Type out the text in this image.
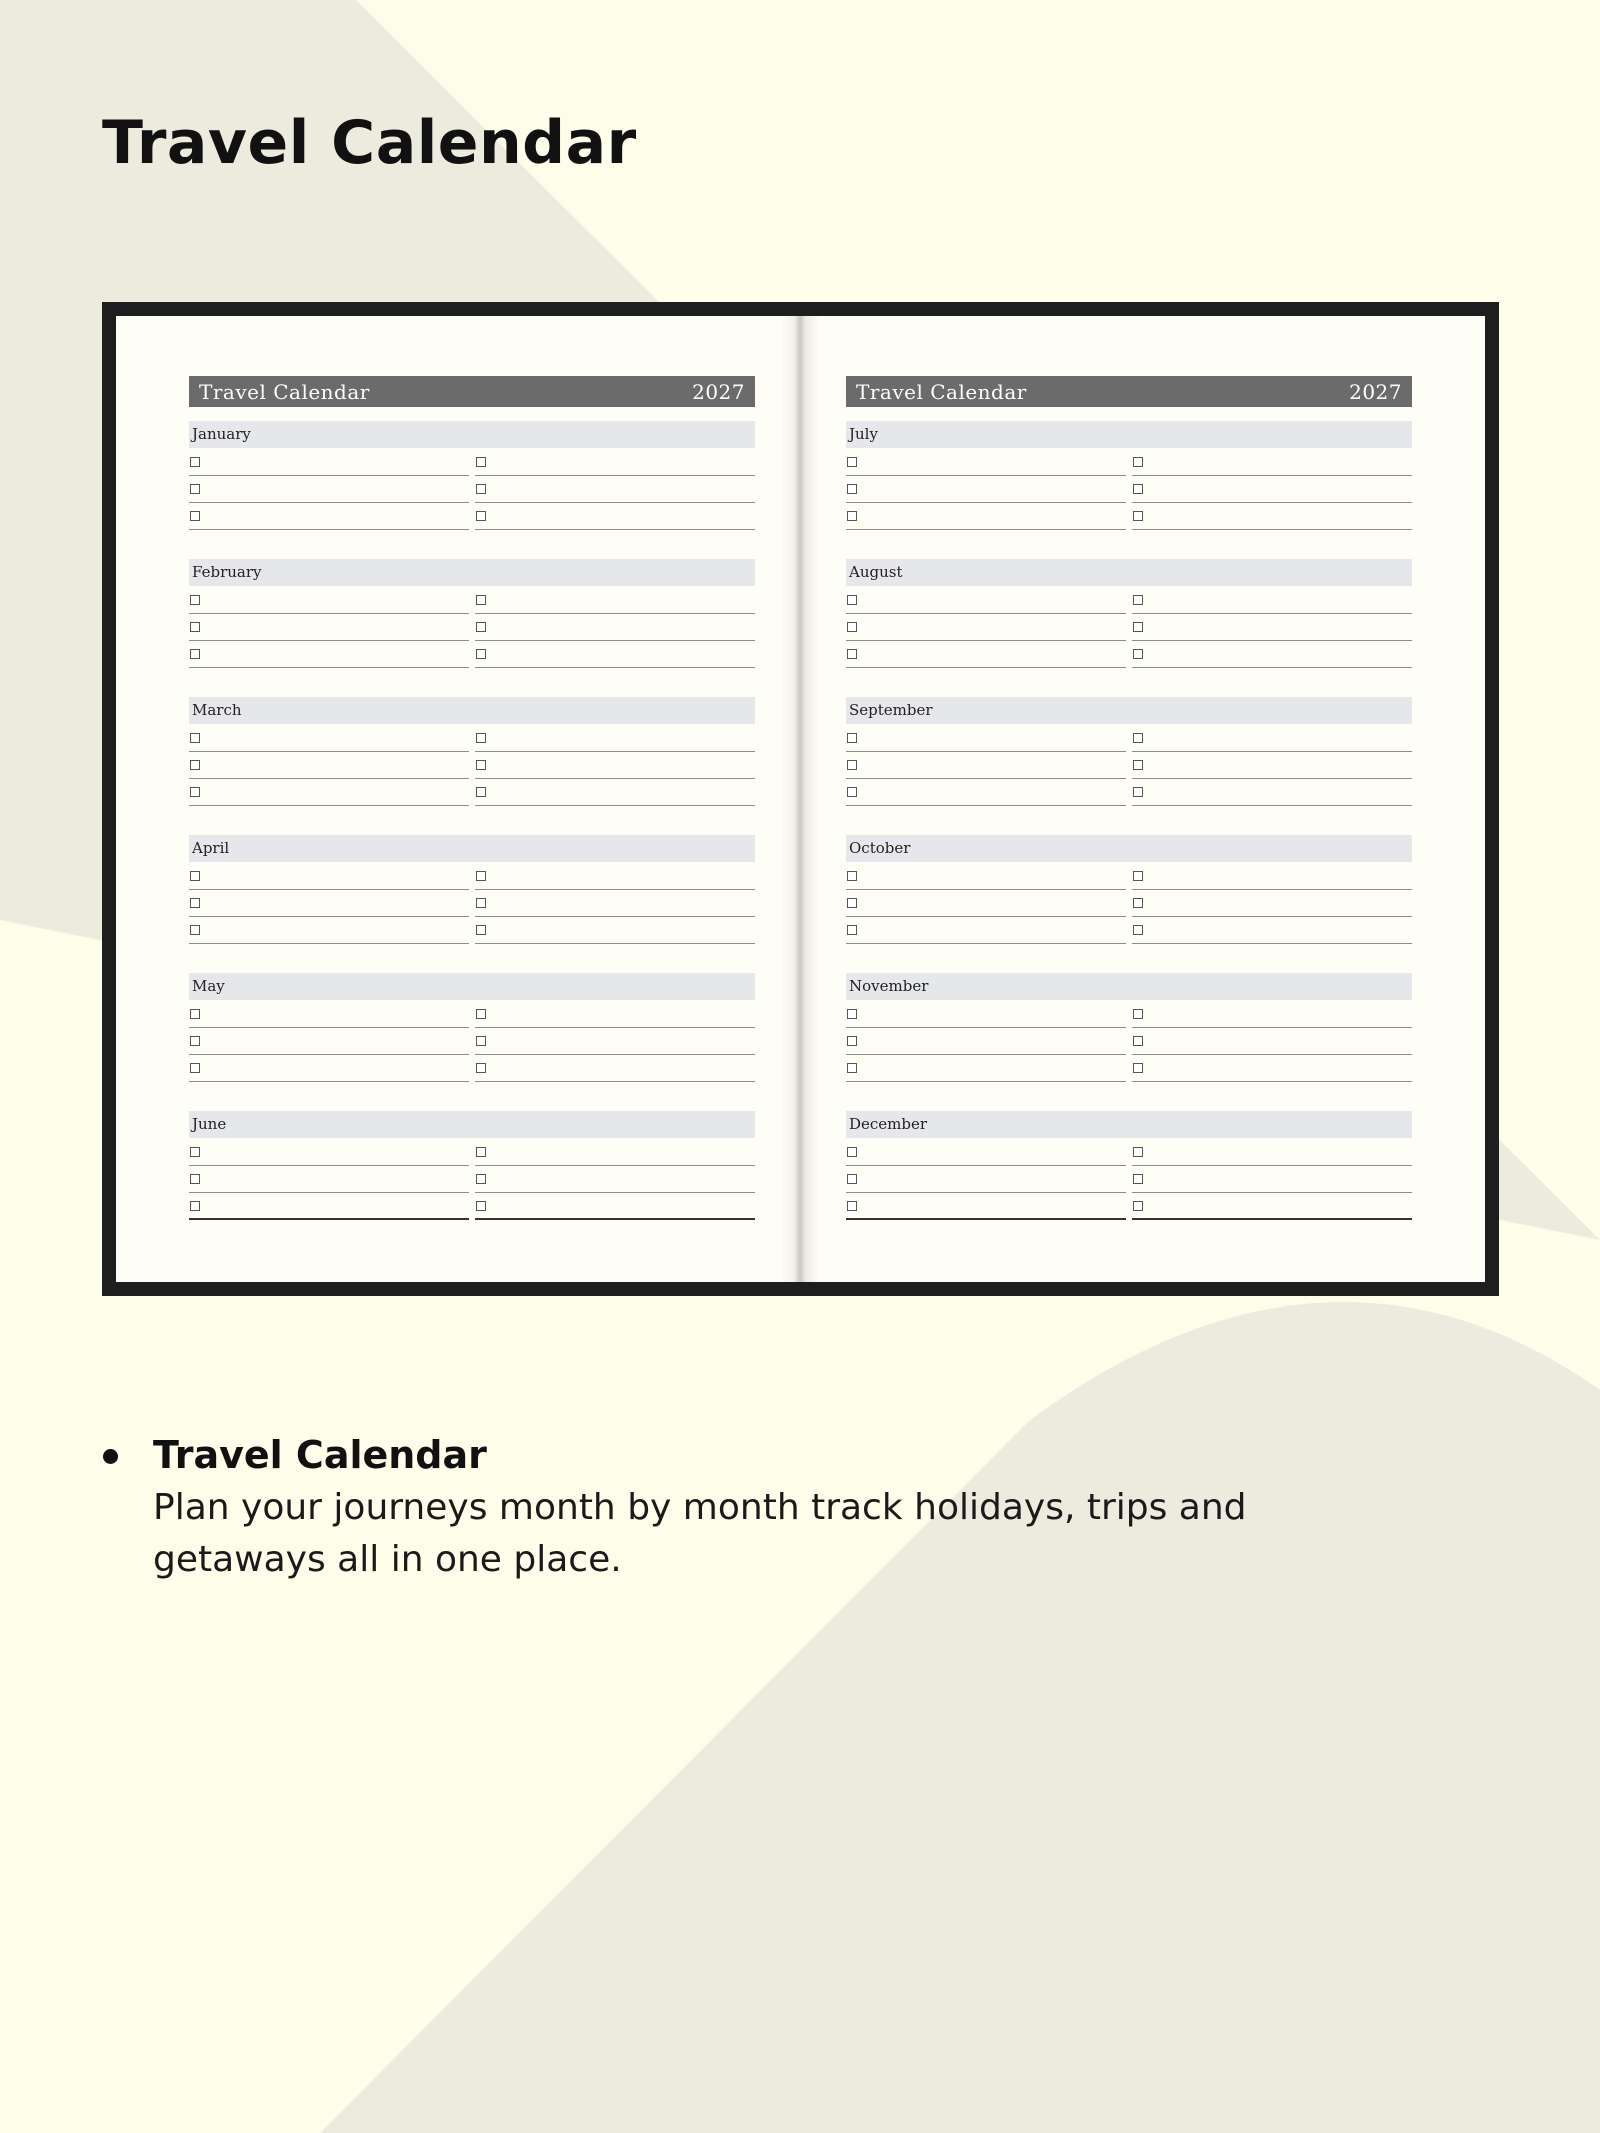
Travel Calendar
Travel Calendar	2027
January
February
March
April
May
June
Travel Calendar	2027
July
August
September
October
November
December
Travel Calendar

Plan your journeys month by month track holidays, trips and getaways all in one place.
